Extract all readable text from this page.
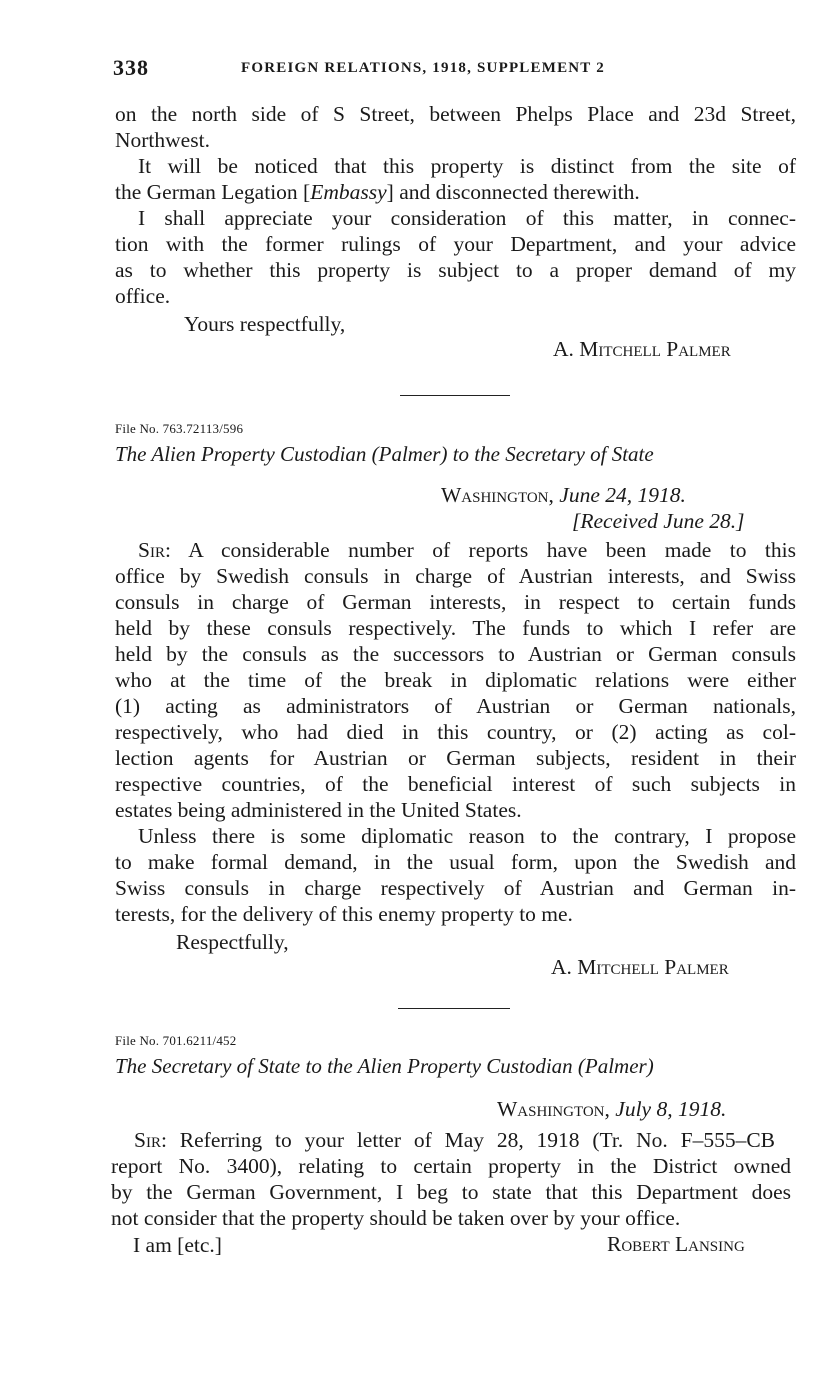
338	FOREIGN RELATIONS, 1918, SUPPLEMENT 2
on the north side of S Street, between Phelps Place and 23d Street,
Northwest.
It will be noticed that this property is distinct from the site of
the German Legation [Embassy] and disconnected therewith.
I shall appreciate your consideration of this matter, in connec-
tion with the former rulings of your Department, and your advice
as to whether this property is subject to a proper demand of my
office.
Yours respectfully,
A. Mitchell Palmer
File No. 763.72113/596
The Alien Property Custodian (Palmer) to the Secretary of State
Washington, June 24, 1918.
[Received June 28.]
Sir: A considerable number of reports have been made to this
office by Swedish consuls in charge of Austrian interests, and Swiss
consuls in charge of German interests, in respect to certain funds
held by these consuls respectively. The funds to which I refer are
held by the consuls as the successors to Austrian or German consuls
who at the time of the break in diplomatic relations were either
(1) acting as administrators of Austrian or German nationals,
respectively, who had died in this country, or (2) acting as col-
lection agents for Austrian or German subjects, resident in their
respective countries, of the beneficial interest of such subjects in
estates being administered in the United States.
Unless there is some diplomatic reason to the contrary, I propose
to make formal demand, in the usual form, upon the Swedish and
Swiss consuls in charge respectively of Austrian and German in-
terests, for the delivery of this enemy property to me.
Respectfully,
A. Mitchell Palmer
File No. 701.6211/452
The Secretary of State to the Alien Property Custodian (Palmer)
Washington, July 8, 1918.
Sir: Referring to your letter of May 28, 1918 (Tr. No. F–555–CB
report No. 3400), relating to certain property in the District owned
by the German Government, I beg to state that this Department does
not consider that the property should be taken over by your office.
I am [etc.]	Robert Lansing
